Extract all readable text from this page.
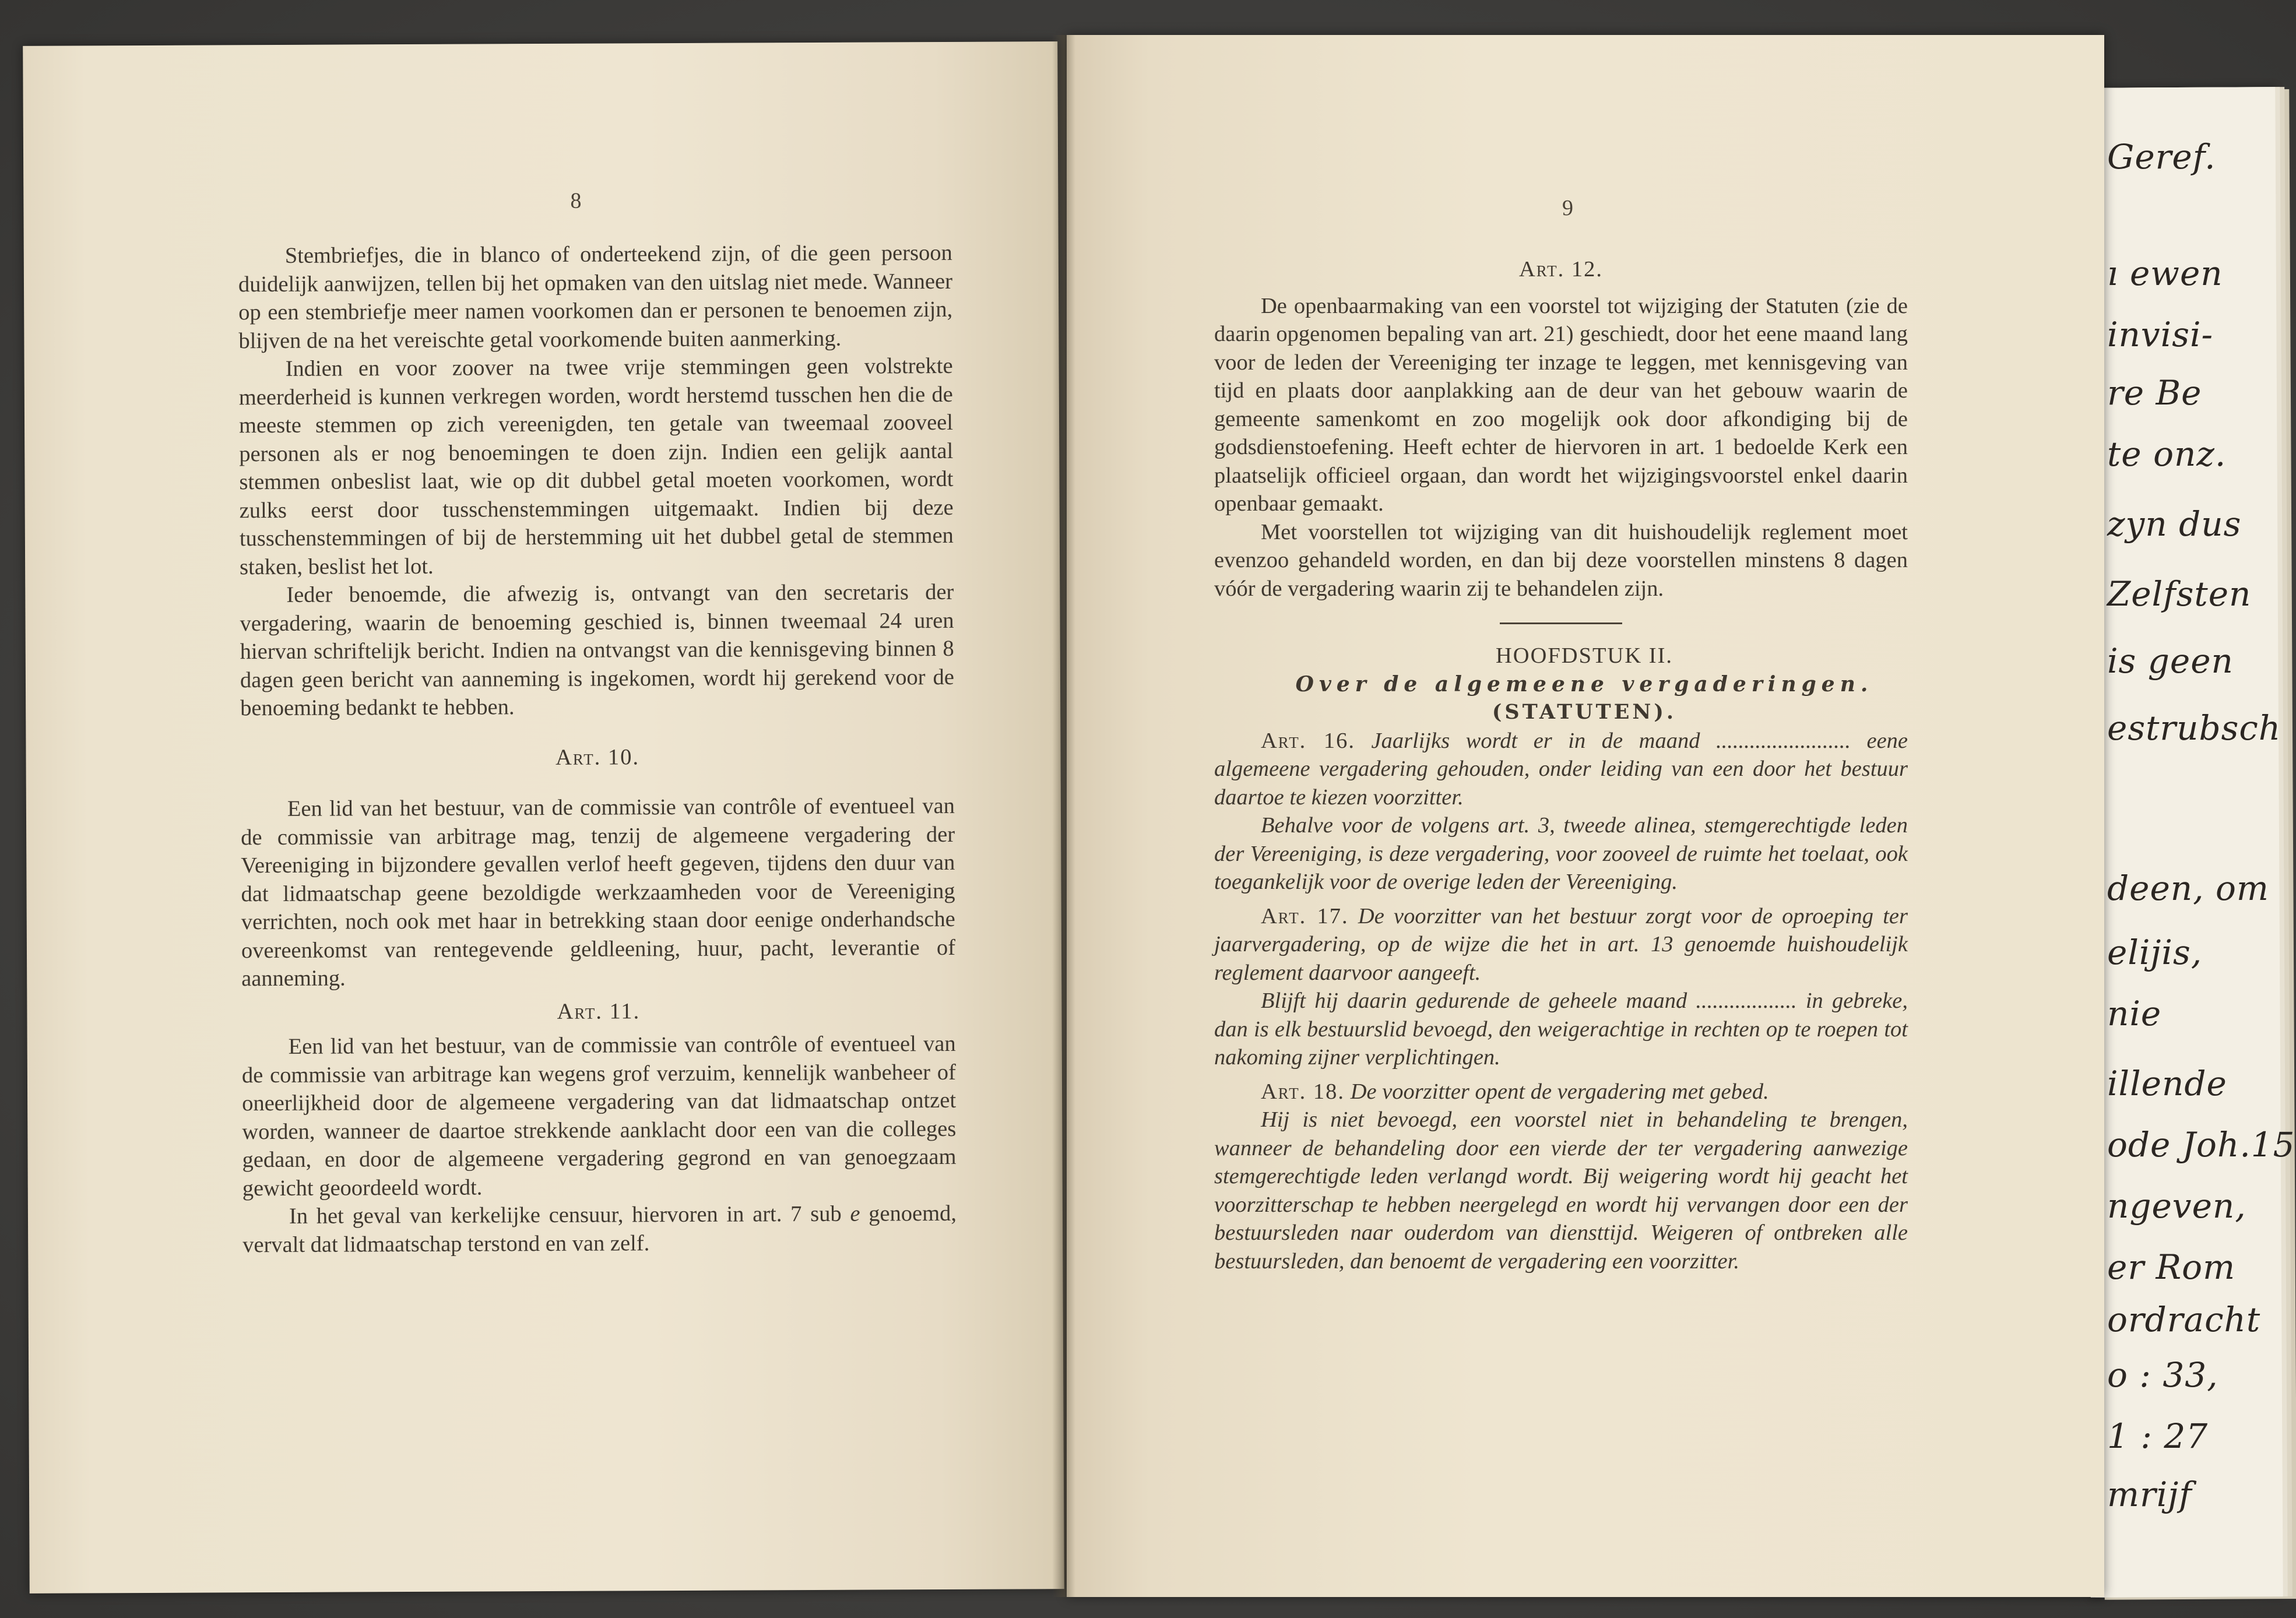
Geref.
ı ewen
invisi-
re Be
te onz.
zyn dus
Zelfsten
is geen
estrubsch
deen, om
elijis,
nie
illende
ode Joh.15
ngeven,
er Rom
ordracht
o : 33,
1 : 27
mrijf
8

Stembriefjes, die in blanco of onderteekend zijn, of die geen persoon duidelijk aanwijzen, tellen bij het opmaken van den uitslag niet mede. Wanneer op een stembriefje meer namen voorkomen dan er personen te benoemen zijn, blijven de na het vereischte getal voorkomende buiten aanmerking.

Indien en voor zoover na twee vrije stemmingen geen volstrekte meerderheid is kunnen verkregen worden, wordt herstemd tusschen hen die de meeste stemmen op zich vereenigden, ten getale van tweemaal zooveel personen als er nog benoemingen te doen zijn. Indien een gelijk aantal stemmen onbeslist laat, wie op dit dubbel getal moeten voorkomen, wordt zulks eerst door tusschenstemmingen uitgemaakt. Indien bij deze tusschenstemmingen of bij de herstemming uit het dubbel getal de stemmen staken, beslist het lot.

Ieder benoemde, die afwezig is, ontvangt van den secretaris der vergadering, waarin de benoeming geschied is, binnen tweemaal 24 uren hiervan schriftelijk bericht. Indien na ontvangst van die kennisgeving binnen 8 dagen geen bericht van aanneming is ingekomen, wordt hij gerekend voor de benoeming bedankt te hebben.

Art. 10.

Een lid van het bestuur, van de commissie van contrôle of eventueel van de commissie van arbitrage mag, tenzij de algemeene vergadering der Vereeniging in bijzondere gevallen verlof heeft gegeven, tijdens den duur van dat lidmaatschap geene bezoldigde werkzaamheden voor de Vereeniging verrichten, noch ook met haar in betrekking staan door eenige onderhandsche overeenkomst van rentegevende geldleening, huur, pacht, leverantie of aanneming.

Art. 11.

Een lid van het bestuur, van de commissie van contrôle of eventueel van de commissie van arbitrage kan wegens grof verzuim, kennelijk wanbeheer of oneerlijkheid door de algemeene vergadering van dat lidmaatschap ontzet worden, wanneer de daartoe strekkende aanklacht door een van die colleges gedaan, en door de algemeene vergadering gegrond en van genoegzaam gewicht geoordeeld wordt.

In het geval van kerkelijke censuur, hiervoren in art. 7 sub e genoemd, vervalt dat lidmaatschap terstond en van zelf.

9

Art. 12.

De openbaarmaking van een voorstel tot wijziging der Statuten (zie de daarin opgenomen bepaling van art. 21) geschiedt, door het eene maand lang voor de leden der Vereeniging ter inzage te leggen, met kennisgeving van tijd en plaats door aanplakking aan de deur van het gebouw waarin de gemeente samenkomt en zoo mogelijk ook door afkondiging bij de godsdienstoefening. Heeft echter de hiervoren in art. 1 bedoelde Kerk een plaatselijk officieel orgaan, dan wordt het wijzigingsvoorstel enkel daarin openbaar gemaakt.

Met voorstellen tot wijziging van dit huishoudelijk reglement moet evenzoo gehandeld worden, en dan bij deze voorstellen minstens 8 dagen vóór de vergadering waarin zij te behandelen zijn.

HOOFDSTUK II.

Over de algemeene vergaderingen.

(STATUTEN).

Art. 16. Jaarlijks wordt er in de maand ........................ eene algemeene vergadering gehouden, onder leiding van een door het bestuur daartoe te kiezen voorzitter.

Behalve voor de volgens art. 3, tweede alinea, stemgerechtigde leden der Vereeniging, is deze vergadering, voor zooveel de ruimte het toelaat, ook toegankelijk voor de overige leden der Vereeniging.

Art. 17. De voorzitter van het bestuur zorgt voor de oproeping ter jaarvergadering, op de wijze die het in art. 13 genoemde huishoudelijk reglement daarvoor aangeeft.

Blijft hij daarin gedurende de geheele maand .................. in gebreke, dan is elk bestuurslid bevoegd, den weigerachtige in rechten op te roepen tot nakoming zijner verplichtingen.

Art. 18. De voorzitter opent de vergadering met gebed.

Hij is niet bevoegd, een voorstel niet in behandeling te brengen, wanneer de behandeling door een vierde der ter vergadering aanwezige stemgerechtigde leden verlangd wordt. Bij weigering wordt hij geacht het voorzitterschap te hebben neergelegd en wordt hij vervangen door een der bestuursleden naar ouderdom van diensttijd. Weigeren of ontbreken alle bestuursleden, dan benoemt de vergadering een voorzitter.
